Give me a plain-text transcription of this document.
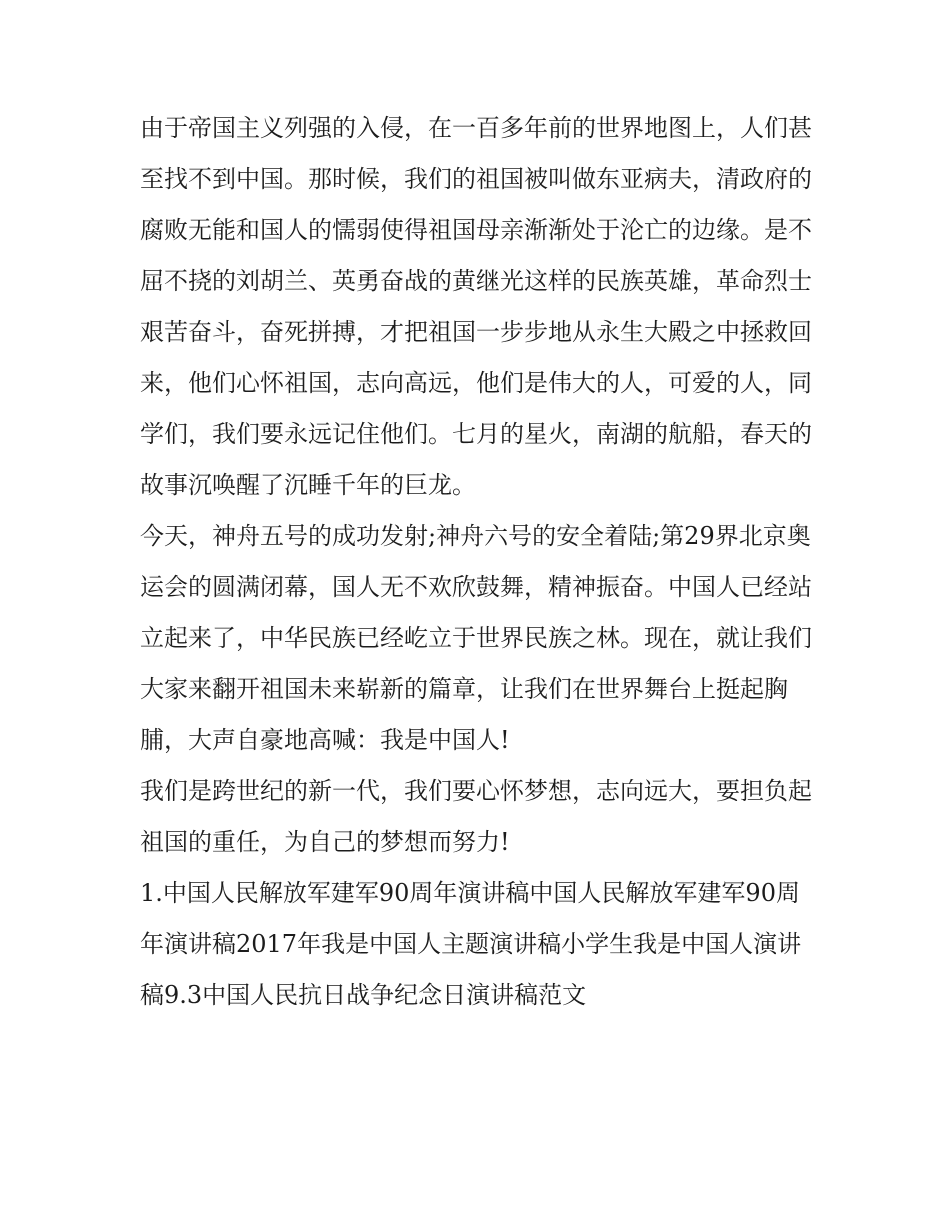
由于帝国主义列强的入侵，在一百多年前的世界地图上，人们甚至找不到中国。那时候，我们的祖国被叫做东亚病夫，清政府的腐败无能和国人的懦弱使得祖国母亲渐渐处于沦亡的边缘。是不屈不挠的刘胡兰、英勇奋战的黄继光这样的民族英雄，革命烈士艰苦奋斗，奋死拼搏，才把祖国一步步地从永生大殿之中拯救回来，他们心怀祖国，志向高远，他们是伟大的人，可爱的人，同学们，我们要永远记住他们。七月的星火，南湖的航船，春天的故事沉唤醒了沉睡千年的巨龙。

今天，神舟五号的成功发射;神舟六号的安全着陆;第29界北京奥运会的圆满闭幕，国人无不欢欣鼓舞，精神振奋。中国人已经站立起来了，中华民族已经屹立于世界民族之林。现在，就让我们大家来翻开祖国未来崭新的篇章，让我们在世界舞台上挺起胸脯，大声自豪地高喊：我是中国人!

我们是跨世纪的新一代，我们要心怀梦想，志向远大，要担负起祖国的重任，为自己的梦想而努力!

1.中国人民解放军建军90周年演讲稿中国人民解放军建军90周年演讲稿2017年我是中国人主题演讲稿小学生我是中国人演讲稿9.3中国人民抗日战争纪念日演讲稿范文
